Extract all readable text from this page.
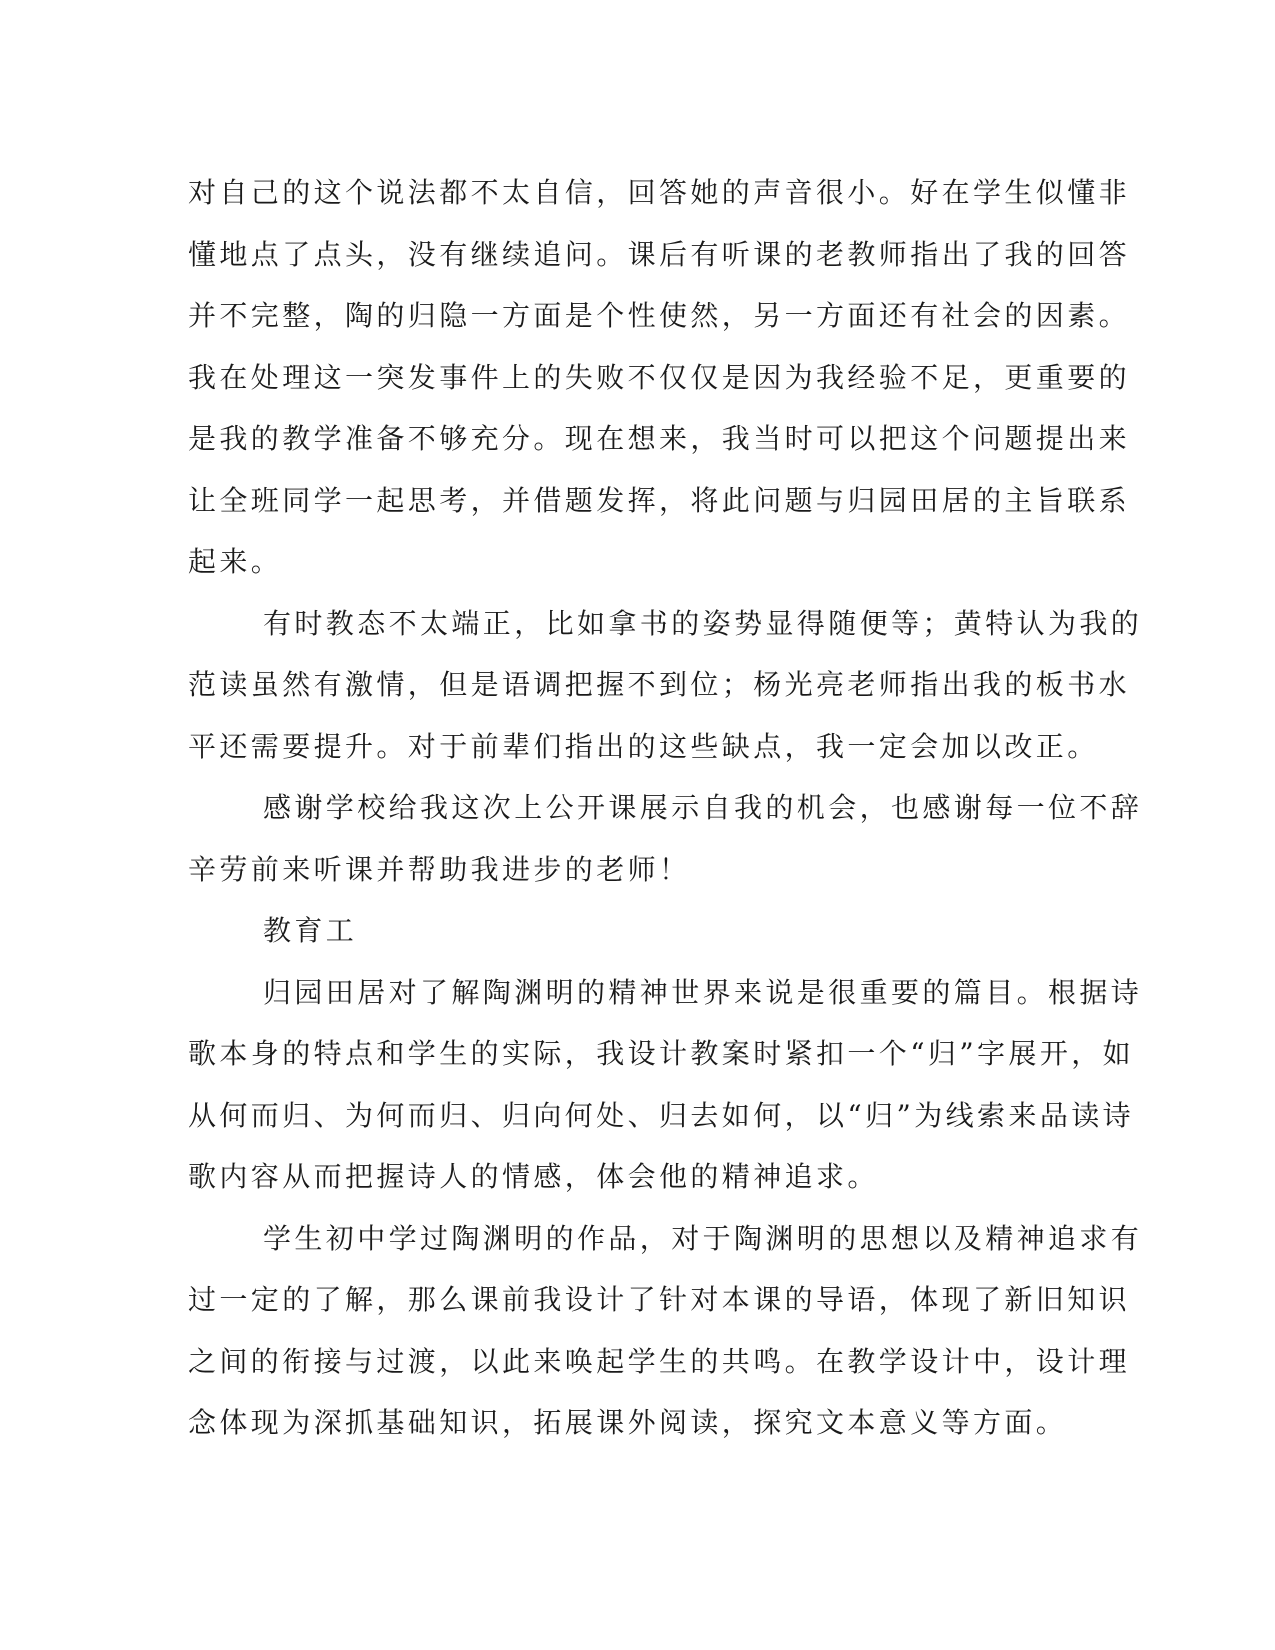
对自己的这个说法都不太自信，回答她的声音很小。好在学生似懂非
懂地点了点头，没有继续追问。课后有听课的老教师指出了我的回答
并不完整，陶的归隐一方面是个性使然，另一方面还有社会的因素。
我在处理这一突发事件上的失败不仅仅是因为我经验不足，更重要的
是我的教学准备不够充分。现在想来，我当时可以把这个问题提出来
让全班同学一起思考，并借题发挥，将此问题与归园田居的主旨联系
起来。
有时教态不太端正，比如拿书的姿势显得随便等；黄特认为我的
范读虽然有激情，但是语调把握不到位；杨光亮老师指出我的板书水
平还需要提升。对于前辈们指出的这些缺点，我一定会加以改正。
感谢学校给我这次上公开课展示自我的机会，也感谢每一位不辞
辛劳前来听课并帮助我进步的老师！
教育工
归园田居对了解陶渊明的精神世界来说是很重要的篇目。根据诗
歌本身的特点和学生的实际，我设计教案时紧扣一个“归”字展开，如
从何而归、为何而归、归向何处、归去如何，以“归”为线索来品读诗
歌内容从而把握诗人的情感，体会他的精神追求。
学生初中学过陶渊明的作品，对于陶渊明的思想以及精神追求有
过一定的了解，那么课前我设计了针对本课的导语，体现了新旧知识
之间的衔接与过渡，以此来唤起学生的共鸣。在教学设计中，设计理
念体现为深抓基础知识，拓展课外阅读，探究文本意义等方面。
